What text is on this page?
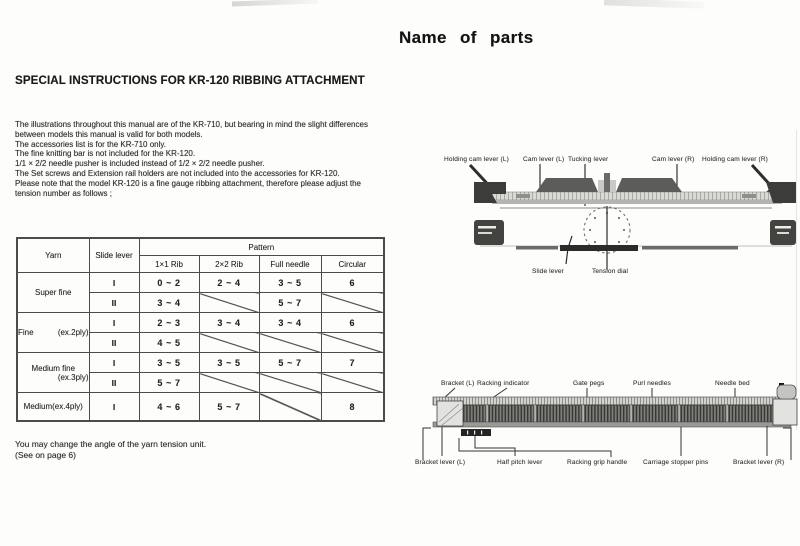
Name of parts
SPECIAL INSTRUCTIONS FOR KR-120 RIBBING ATTACHMENT
The illustrations throughout this manual are of the KR-710, but bearing in mind the slight differences
between models this manual is valid for both models.
The accessories list is for the KR-710 only.
The fine knitting bar is not included for the KR-120.
1/1 × 2/2 needle pusher is included instead of 1/2 × 2/2 needle pusher.
The Set screws and Extension rail holders are not included into the accessories for KR-120.
Please note that the model KR-120 is a fine gauge ribbing attachment, therefore please adjust the
tension number as follows ;
Yarn	Slide lever	Pattern			
		1×1 Rib	2×2 Rib	Full needle	Circular
Super fine	I	0 ~ 2	2 ~ 4	3 ~ 5	6
	II	3 ~ 4		5 ~ 7	

Fine (ex.2ply)	I	2 ~ 3	3 ~ 4	3 ~ 4	6
	II	4 ~ 5			

Medium fine
(ex.3ply)	I	3 ~ 5	3 ~ 5	5 ~ 7	7
	II	5 ~ 7			
Medium(ex.4ply)	I	4 ~ 6	5 ~ 7		8
You may change the angle of the yarn tension unit.
(See on page 6)
Holding cam lever (L) Cam lever (L) Tucking lever	Cam lever (R) Holding cam lever (R)
Slide lever	Tension dial
Bracket (L) Racking indicator	Gate pegs	Purl needles	Needle bed
Bracket lever (L)	Half pitch lever	Racking grip handle Carriage stopper pins	Bracket lever (R)
